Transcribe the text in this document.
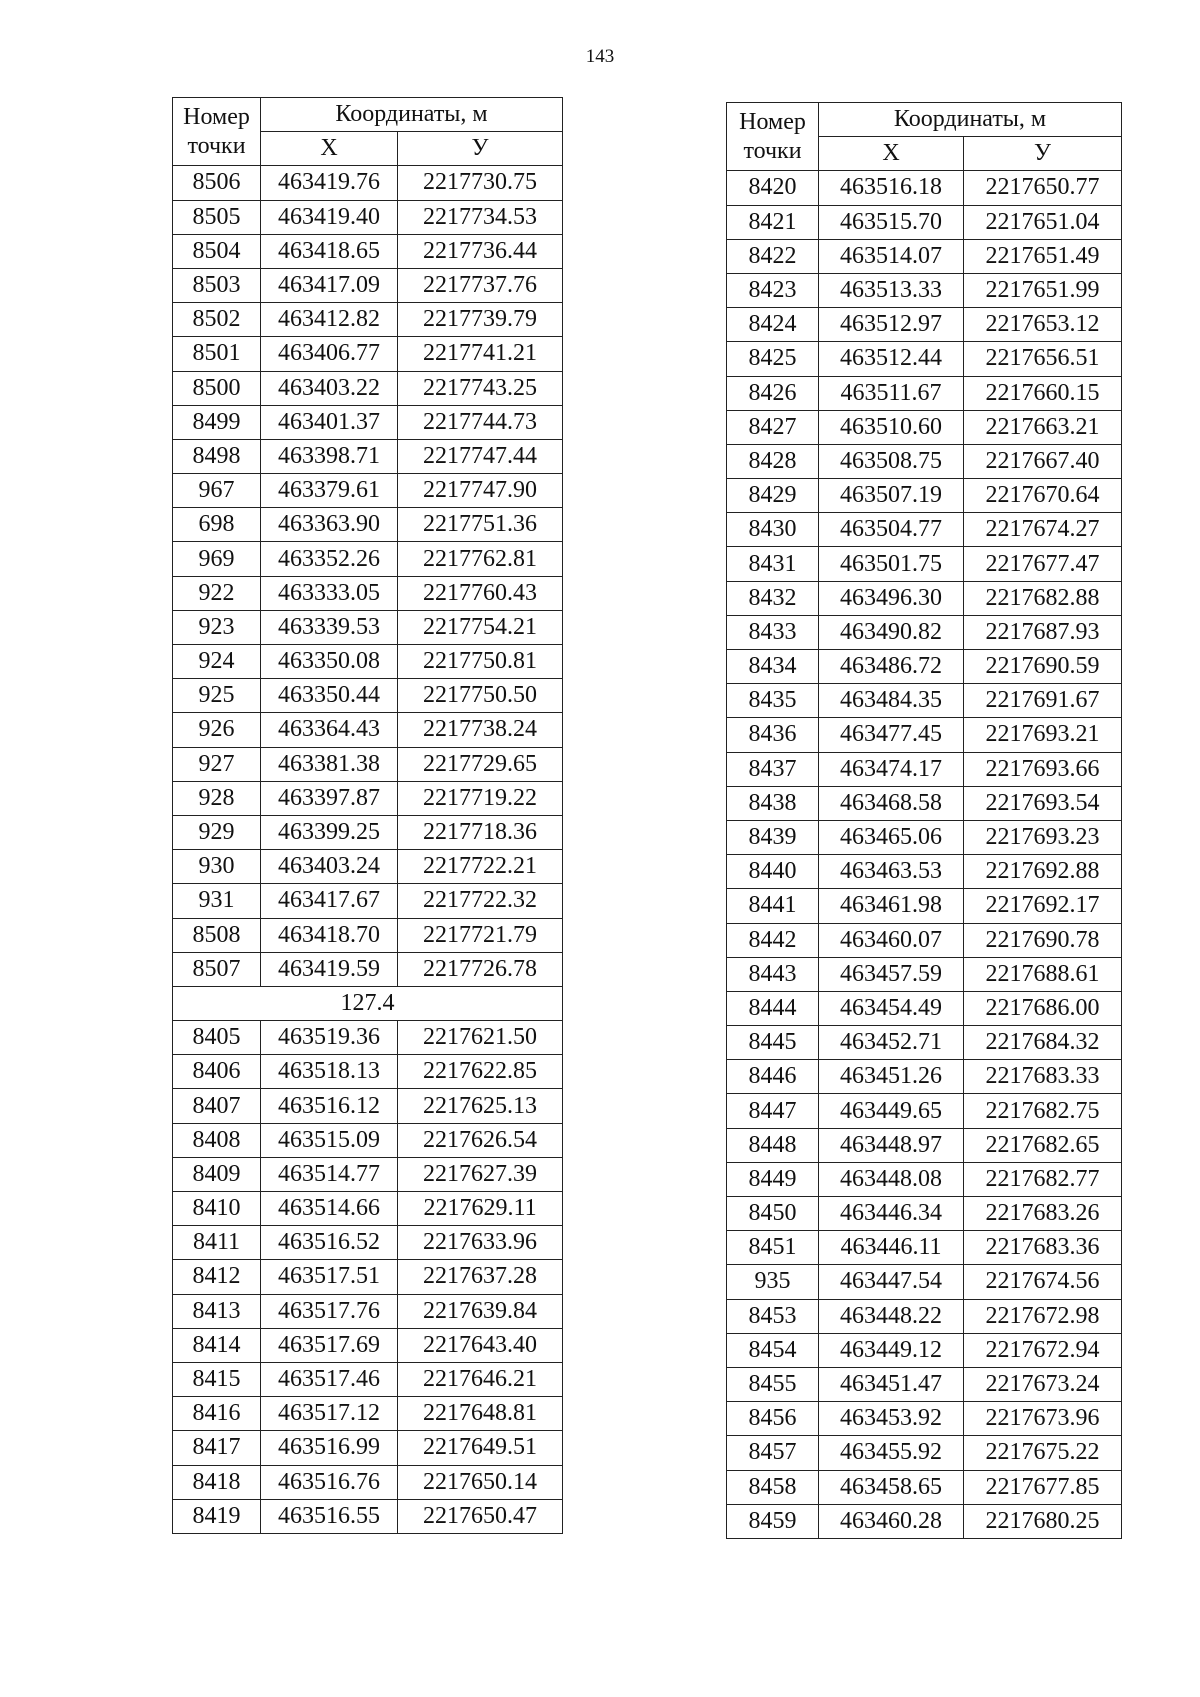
143
Номер
точки	Координаты, м	
	Х	У
8506	463419.76	2217730.75
8505	463419.40	2217734.53
8504	463418.65	2217736.44
8503	463417.09	2217737.76
8502	463412.82	2217739.79
8501	463406.77	2217741.21
8500	463403.22	2217743.25
8499	463401.37	2217744.73
8498	463398.71	2217747.44
967	463379.61	2217747.90
698	463363.90	2217751.36
969	463352.26	2217762.81
922	463333.05	2217760.43
923	463339.53	2217754.21
924	463350.08	2217750.81
925	463350.44	2217750.50
926	463364.43	2217738.24
927	463381.38	2217729.65
928	463397.87	2217719.22
929	463399.25	2217718.36
930	463403.24	2217722.21
931	463417.67	2217722.32
8508	463418.70	2217721.79
8507	463419.59	2217726.78
127.4		
8405	463519.36	2217621.50
8406	463518.13	2217622.85
8407	463516.12	2217625.13
8408	463515.09	2217626.54
8409	463514.77	2217627.39
8410	463514.66	2217629.11
8411	463516.52	2217633.96
8412	463517.51	2217637.28
8413	463517.76	2217639.84
8414	463517.69	2217643.40
8415	463517.46	2217646.21
8416	463517.12	2217648.81
8417	463516.99	2217649.51
8418	463516.76	2217650.14
8419	463516.55	2217650.47
Номер
точки	Координаты, м	
	Х	У
8420	463516.18	2217650.77
8421	463515.70	2217651.04
8422	463514.07	2217651.49
8423	463513.33	2217651.99
8424	463512.97	2217653.12
8425	463512.44	2217656.51
8426	463511.67	2217660.15
8427	463510.60	2217663.21
8428	463508.75	2217667.40
8429	463507.19	2217670.64
8430	463504.77	2217674.27
8431	463501.75	2217677.47
8432	463496.30	2217682.88
8433	463490.82	2217687.93
8434	463486.72	2217690.59
8435	463484.35	2217691.67
8436	463477.45	2217693.21
8437	463474.17	2217693.66
8438	463468.58	2217693.54
8439	463465.06	2217693.23
8440	463463.53	2217692.88
8441	463461.98	2217692.17
8442	463460.07	2217690.78
8443	463457.59	2217688.61
8444	463454.49	2217686.00
8445	463452.71	2217684.32
8446	463451.26	2217683.33
8447	463449.65	2217682.75
8448	463448.97	2217682.65
8449	463448.08	2217682.77
8450	463446.34	2217683.26
8451	463446.11	2217683.36
935	463447.54	2217674.56
8453	463448.22	2217672.98
8454	463449.12	2217672.94
8455	463451.47	2217673.24
8456	463453.92	2217673.96
8457	463455.92	2217675.22
8458	463458.65	2217677.85
8459	463460.28	2217680.25
